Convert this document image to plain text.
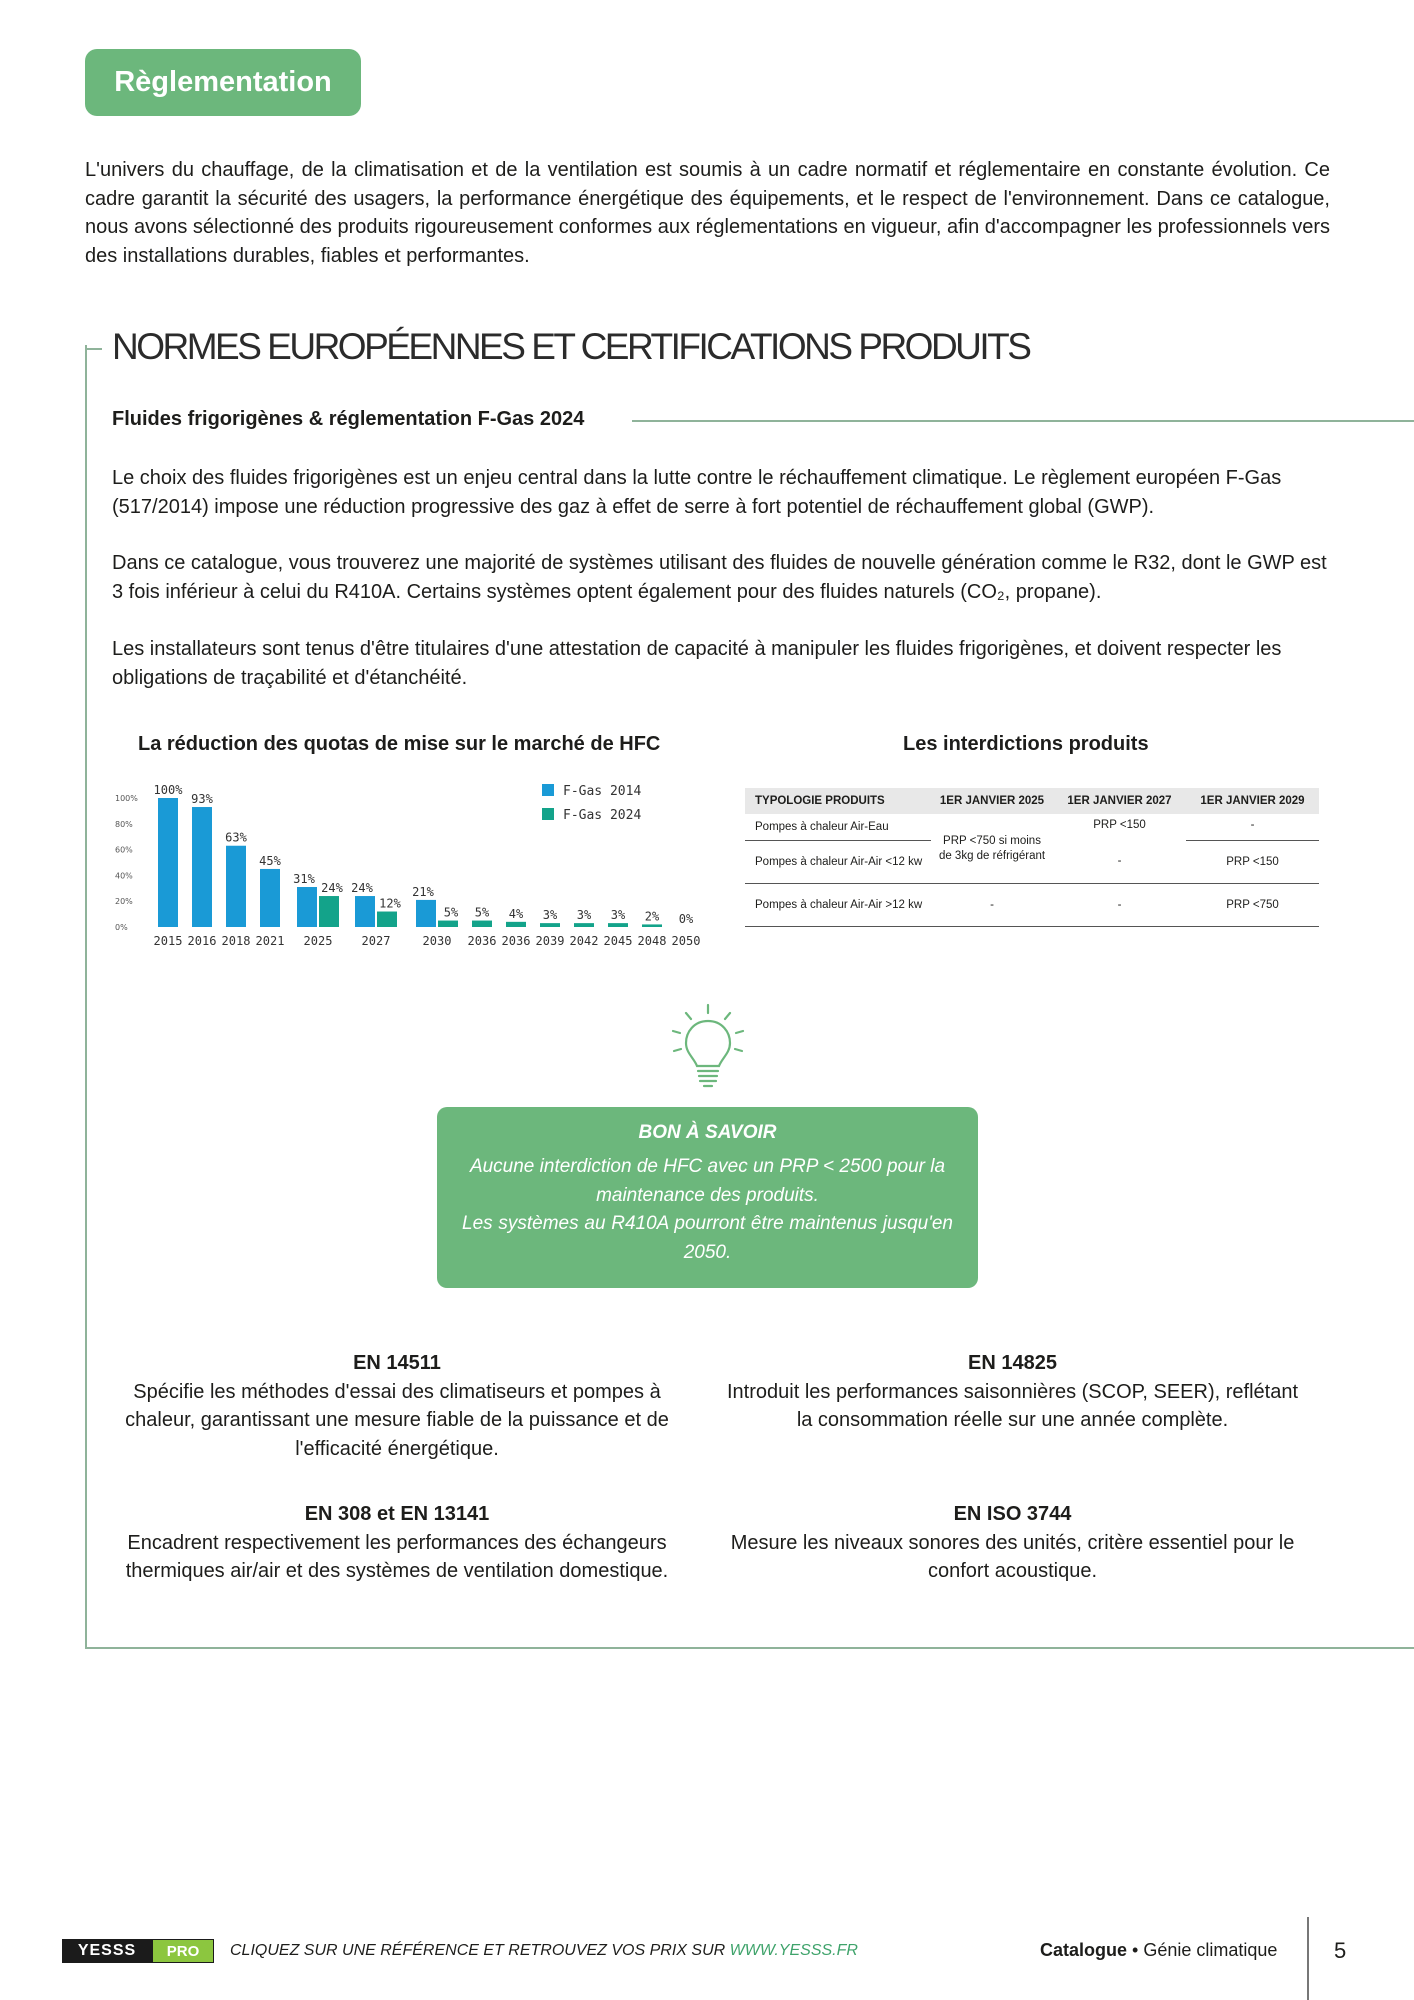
Règlementation
L'univers du chauffage, de la climatisation et de la ventilation est soumis à un cadre normatif et réglementaire en constante évolution. Ce cadre garantit la sécurité des usagers, la performance énergétique des équipements, et le respect de l'environnement. Dans ce catalogue, nous avons sélectionné des produits rigoureusement conformes aux réglementations en vigueur, afin d'accompagner les professionnels vers des installations durables, fiables et performantes.
NORMES EUROPÉENNES ET CERTIFICATIONS PRODUITS
Fluides frigorigènes & réglementation F-Gas 2024
Le choix des fluides frigorigènes est un enjeu central dans la lutte contre le réchauffement climatique. Le règlement européen F-Gas (517/2014) impose une réduction progressive des gaz à effet de serre à fort potentiel de réchauffement global (GWP).
Dans ce catalogue, vous trouverez une majorité de systèmes utilisant des fluides de nouvelle génération comme le R32, dont le GWP est 3 fois inférieur à celui du R410A. Certains systèmes optent également pour des fluides naturels (CO₂, propane).
Les installateurs sont tenus d'être titulaires d'une attestation de capacité à manipuler les fluides frigorigènes, et doivent respecter les obligations de traçabilité et d'étanchéité.
La réduction des quotas de mise sur le marché de HFC
100%
80%
60%
40%
20%
0%
100%
93%
63%
45%
31%
24% 24%
12%
21%
5% 5% 4% 3% 3% 3% 2% 0%
2015 2016 2018 2021 2025 2027	2030 2036 2036 2039 2042 2045 2048 2050
F-Gas 2014
F-Gas 2024
Les interdictions produits
TYPOLOGIE PRODUITS	1ER JANVIER 2025	1ER JANVIER 2027	1ER JANVIER 2029
Pompes à chaleur Air-Eau	PRP <750 si moins de 3kg de réfrigérant	PRP <150	-
Pompes à chaleur Air-Air <12 kw		-	PRP <150
Pompes à chaleur Air-Air >12 kw	-	-	PRP <750
BON À SAVOIR
Aucune interdiction de HFC avec un PRP < 2500 pour la maintenance des produits.
Les systèmes au R410A pourront être maintenus jusqu'en 2050.
EN 14511
Spécifie les méthodes d'essai des climatiseurs et pompes à chaleur, garantissant une mesure fiable de la puissance et de l'efficacité énergétique.
EN 14825
Introduit les performances saisonnières (SCOP, SEER), reflétant la consommation réelle sur une année complète.
EN 308 et EN 13141
Encadrent respectivement les performances des échangeurs thermiques air/air et des systèmes de ventilation domestique.
EN ISO 3744
Mesure les niveaux sonores des unités, critère essentiel pour le confort acoustique.
YESSS	PRO	CLIQUEZ SUR UNE RÉFÉRENCE ET RETROUVEZ VOS PRIX SUR WWW.YESSS.FR	Catalogue • Génie climatique	5
